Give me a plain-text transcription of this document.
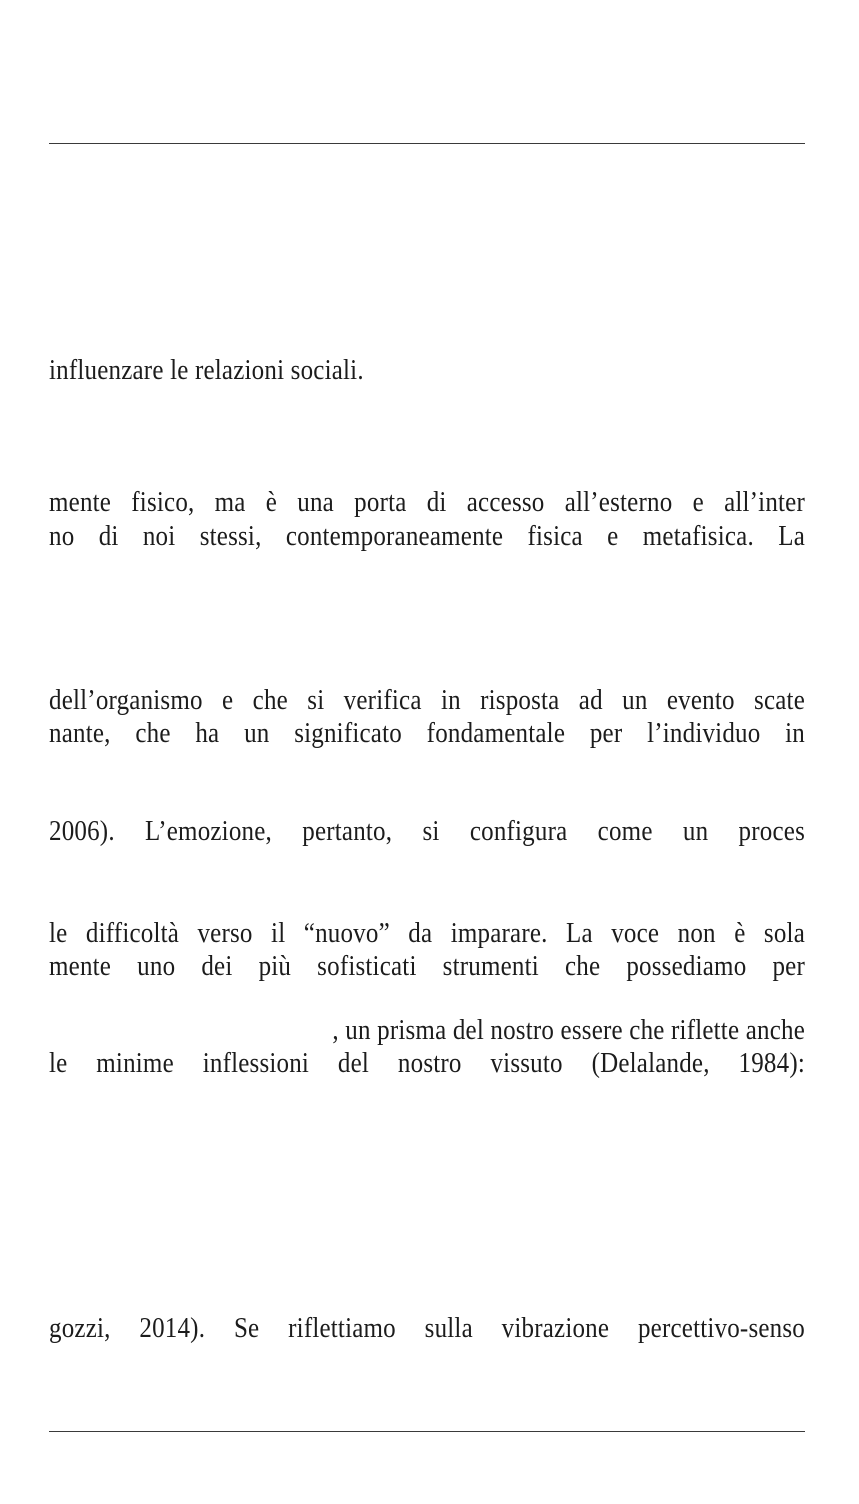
influenzare le relazioni sociali.
mente fisico, ma è una porta di accesso all’esterno e all’inter
no di noi stessi, contemporaneamente fisica e metafisica. La
dell’organismo e che si verifica in risposta ad un evento scate
nante, che ha un significato fondamentale per l’individuo in
2006). L’emozione, pertanto, si configura come un proces
le difficoltà verso il “nuovo” da imparare. La voce non è sola
mente uno dei più sofisticati strumenti che possediamo per
, un prisma del nostro essere che riflette anche
le minime inflessioni del nostro vissuto (Delalande, 1984):
gozzi, 2014). Se riflettiamo sulla vibrazione percettivo-senso
